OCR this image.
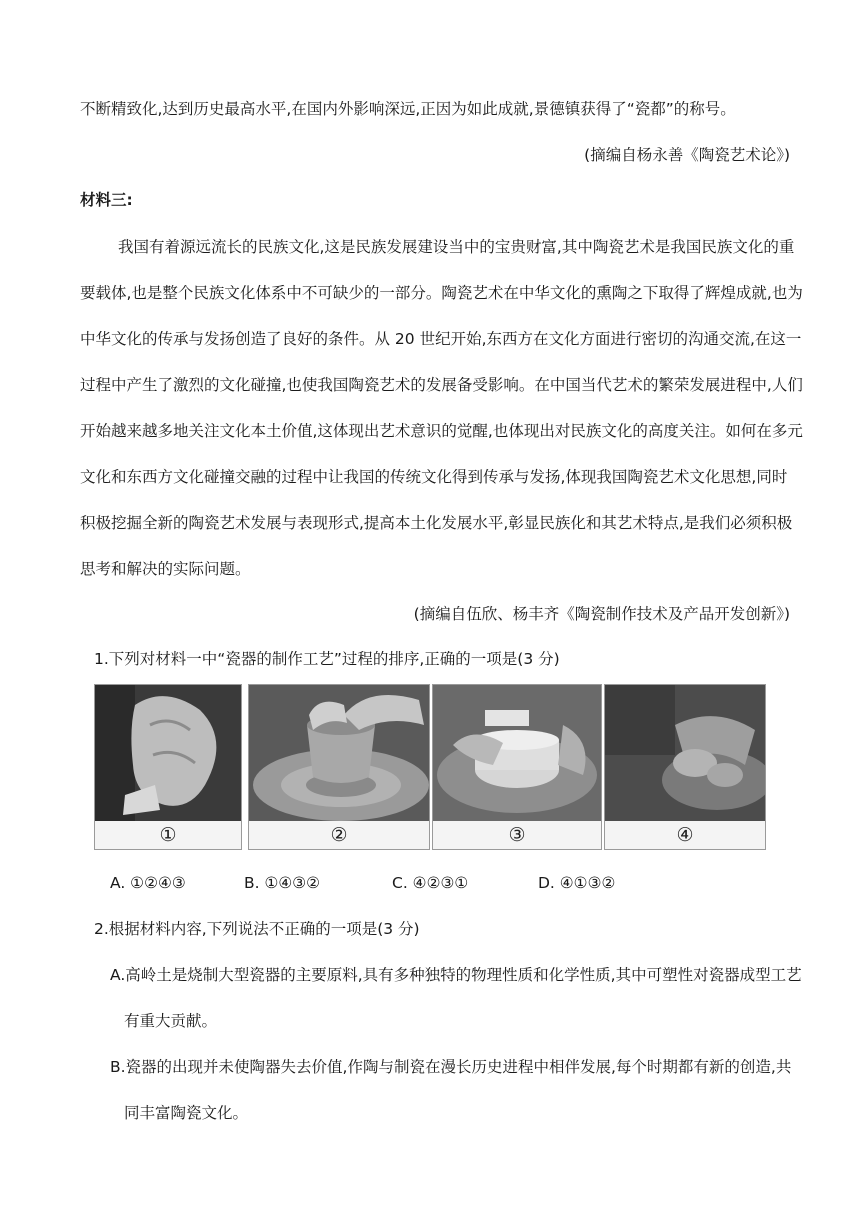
不断精致化,达到历史最高水平,在国内外影响深远,正因为如此成就,景德镇获得了“瓷都”的称号。
(摘编自杨永善《陶瓷艺术论》)
材料三:
我国有着源远流长的民族文化,这是民族发展建设当中的宝贵财富,其中陶瓷艺术是我国民族文化的重
要载体,也是整个民族文化体系中不可缺少的一部分。陶瓷艺术在中华文化的熏陶之下取得了辉煌成就,也为
中华文化的传承与发扬创造了良好的条件。从 20 世纪开始,东西方在文化方面进行密切的沟通交流,在这一
过程中产生了激烈的文化碰撞,也使我国陶瓷艺术的发展备受影响。在中国当代艺术的繁荣发展进程中,人们
开始越来越多地关注文化本土价值,这体现出艺术意识的觉醒,也体现出对民族文化的高度关注。如何在多元
文化和东西方文化碰撞交融的过程中让我国的传统文化得到传承与发扬,体现我国陶瓷艺术文化思想,同时
积极挖掘全新的陶瓷艺术发展与表现形式,提高本土化发展水平,彰显民族化和其艺术特点,是我们必须积极
思考和解决的实际问题。
(摘编自伍欣、杨丰齐《陶瓷制作技术及产品开发创新》)
1.下列对材料一中“瓷器的制作工艺”过程的排序,正确的一项是(3 分)
①	②	③	④
A. ①②④③	B. ①④③②	C. ④②③①	D. ④①③②
2.根据材料内容,下列说法不正确的一项是(3 分)
A.高岭土是烧制大型瓷器的主要原料,具有多种独特的物理性质和化学性质,其中可塑性对瓷器成型工艺
有重大贡献。
B.瓷器的出现并未使陶器失去价值,作陶与制瓷在漫长历史进程中相伴发展,每个时期都有新的创造,共
同丰富陶瓷文化。
